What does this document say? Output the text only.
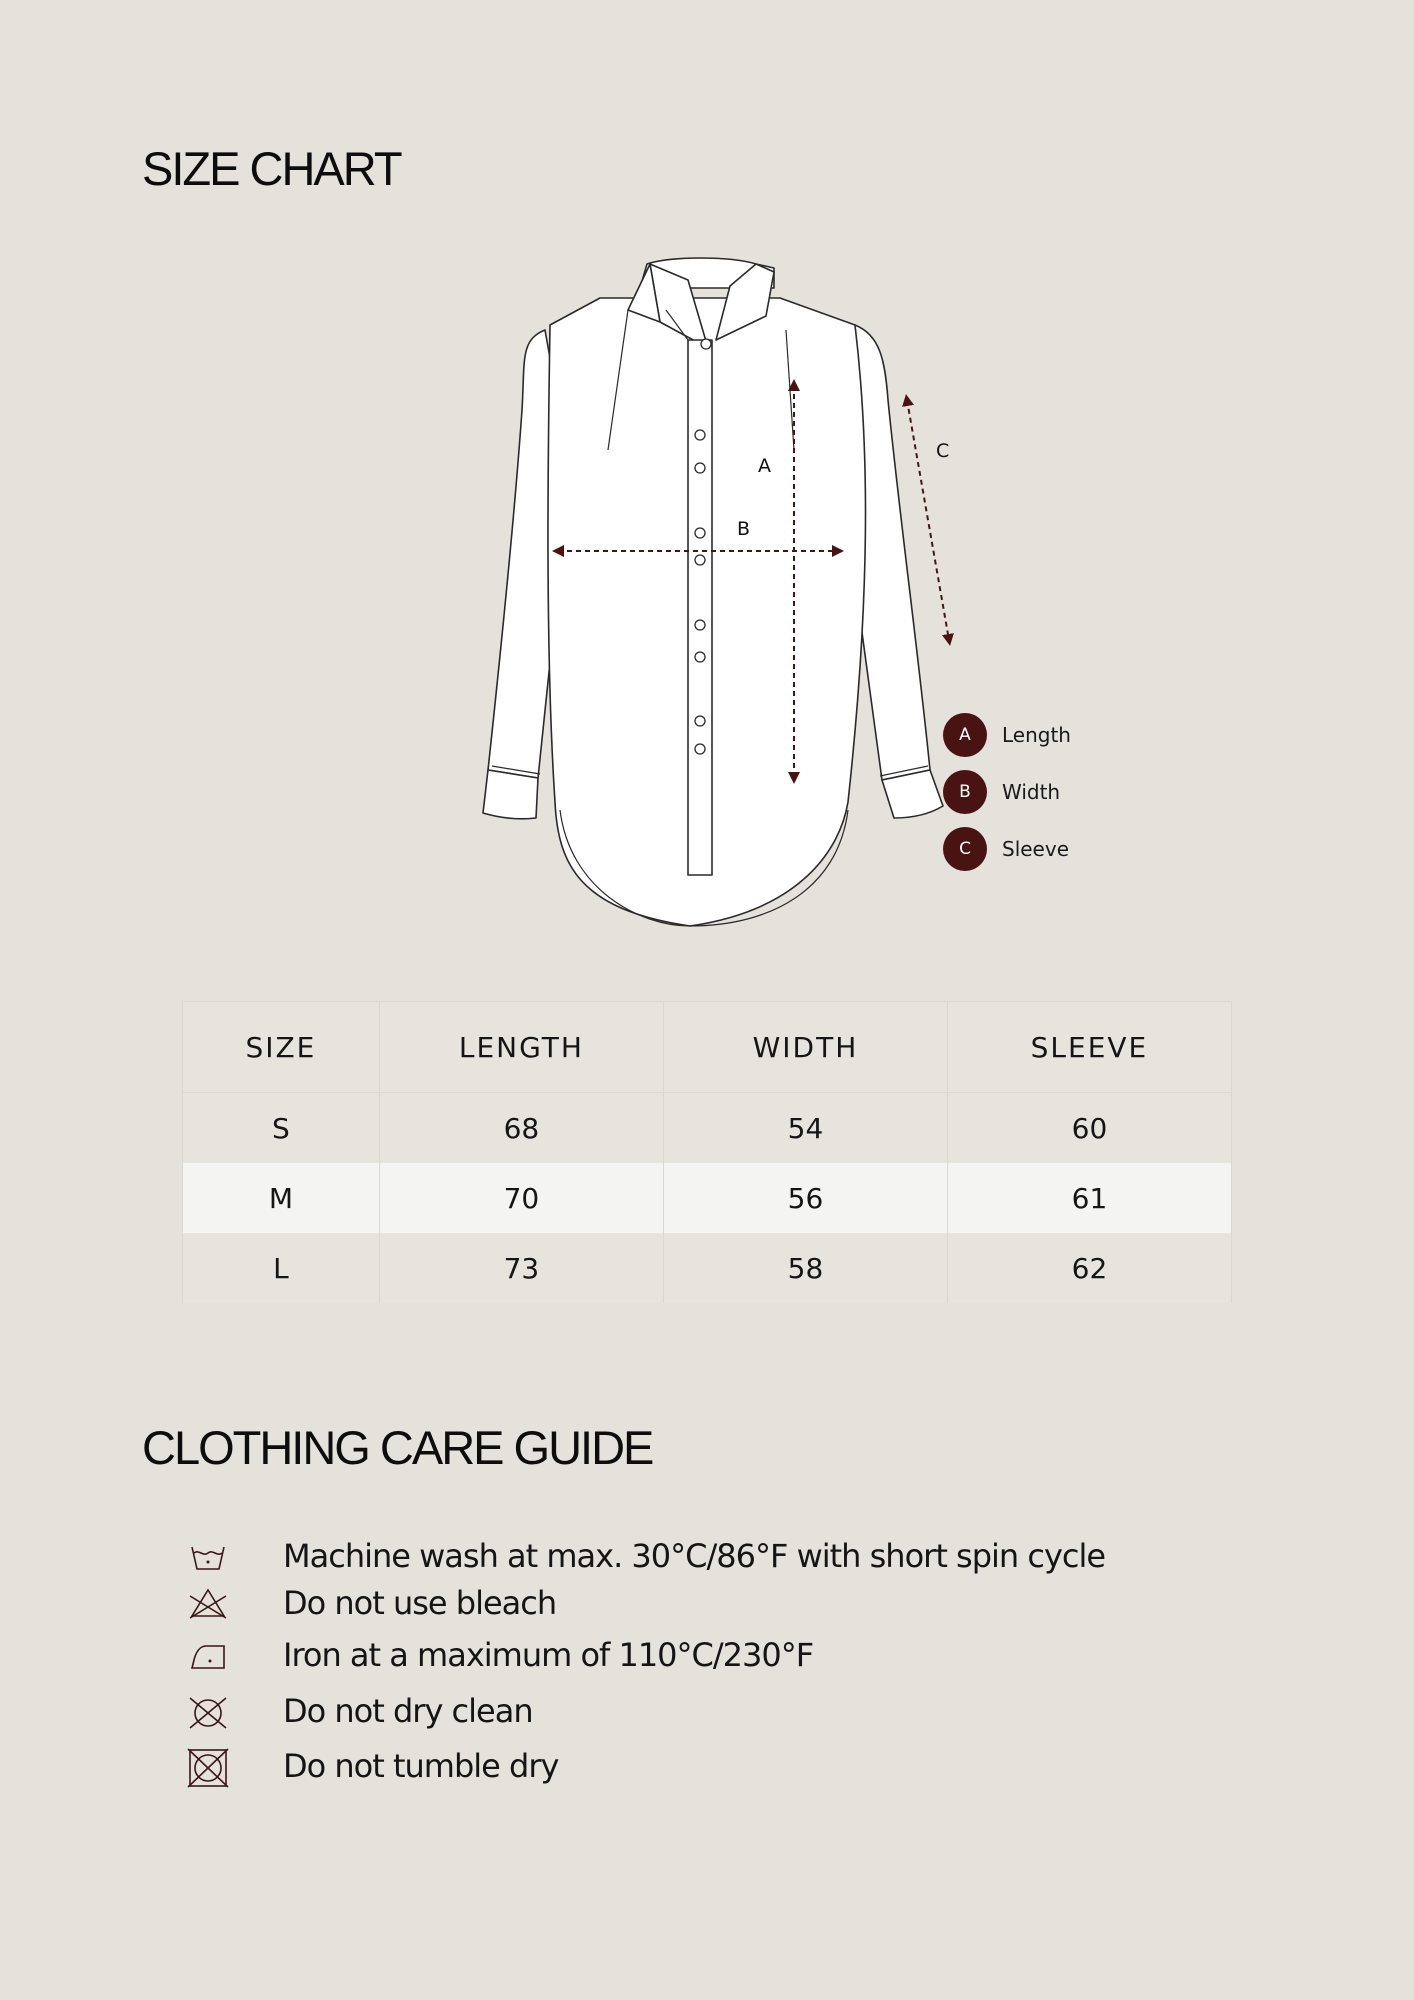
SIZE CHART
A
B
C
A	Length
B	Width
C	Sleeve
SIZE	LENGTH	WIDTH	SLEEVE
S	68	54	60
M	70	56	61
L	73	58	62
CLOTHING CARE GUIDE
Machine wash at max. 30°C/86°F with short spin cycle
Do not use bleach
Iron at a maximum of 110°C/230°F
Do not dry clean
Do not tumble dry
